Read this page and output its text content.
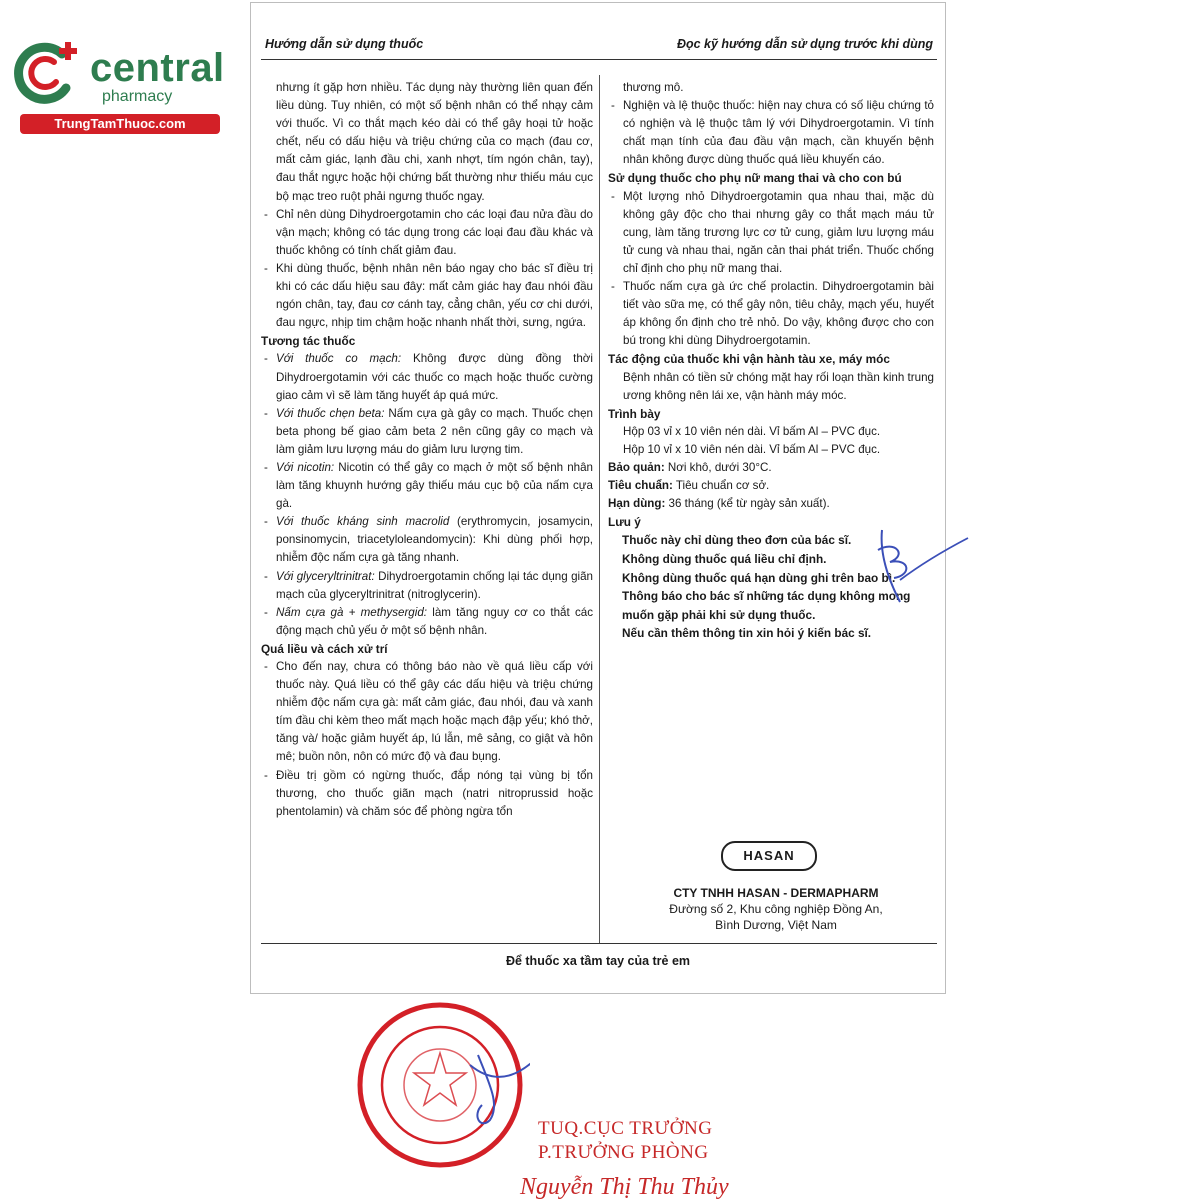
central
pharmacy
TrungTamThuoc.com
Hướng dẫn sử dụng thuốc	Đọc kỹ hướng dẫn sử dụng trước khi dùng

nhưng ít gặp hơn nhiều. Tác dụng này thường liên quan đến liều dùng. Tuy nhiên, có một số bệnh nhân có thể nhạy cảm với thuốc. Vì co thắt mạch kéo dài có thể gây hoại tử hoặc chết, nếu có dấu hiệu và triệu chứng của co mạch (đau cơ, mất cảm giác, lạnh đầu chi, xanh nhợt, tím ngón chân, tay), đau thắt ngực hoặc hội chứng bất thường như thiếu máu cục bộ mạc treo ruột phải ngưng thuốc ngay.

- Chỉ nên dùng Dihydroergotamin cho các loại đau nửa đầu do vận mạch; không có tác dụng trong các loại đau đầu khác và thuốc không có tính chất giảm đau.

- Khi dùng thuốc, bệnh nhân nên báo ngay cho bác sĩ điều trị khi có các dấu hiệu sau đây: mất cảm giác hay đau nhói đầu ngón chân, tay, đau cơ cánh tay, cẳng chân, yếu cơ chi dưới, đau ngực, nhịp tim chậm hoặc nhanh nhất thời, sưng, ngứa.

Tương tác thuốc

- Với thuốc co mạch: Không được dùng đồng thời Dihydroergotamin với các thuốc co mạch hoặc thuốc cường giao cảm vì sẽ làm tăng huyết áp quá mức.

- Với thuốc chẹn beta: Nấm cựa gà gây co mạch. Thuốc chẹn beta phong bế giao cảm beta 2 nên cũng gây co mạch và làm giảm lưu lượng máu do giảm lưu lượng tim.

- Với nicotin: Nicotin có thể gây co mạch ở một số bệnh nhân làm tăng khuynh hướng gây thiếu máu cục bộ của nấm cựa gà.

- Với thuốc kháng sinh macrolid (erythromycin, josamycin, ponsinomycin, triacetyloleandomycin): Khi dùng phối hợp, nhiễm độc nấm cựa gà tăng nhanh.

- Với glyceryltrinitrat: Dihydroergotamin chống lại tác dụng giãn mạch của glyceryltrinitrat (nitroglycerin).

- Nấm cựa gà + methysergid: làm tăng nguy cơ co thắt các động mạch chủ yếu ở một số bệnh nhân.

Quá liều và cách xử trí

- Cho đến nay, chưa có thông báo nào về quá liều cấp với thuốc này. Quá liều có thể gây các dấu hiệu và triệu chứng nhiễm độc nấm cựa gà: mất cảm giác, đau nhói, đau và xanh tím đầu chi kèm theo mất mạch hoặc mạch đập yếu; khó thở, tăng và/ hoặc giảm huyết áp, lú lẫn, mê sảng, co giật và hôn mê; buồn nôn, nôn có mức độ và đau bụng.

- Điều trị gồm có ngừng thuốc, đắp nóng tại vùng bị tổn thương, cho thuốc giãn mạch (natri nitroprussid hoặc phentolamin) và chăm sóc để phòng ngừa tổn

thương mô.

- Nghiện và lệ thuộc thuốc: hiện nay chưa có số liệu chứng tỏ có nghiện và lệ thuộc tâm lý với Dihydroergotamin. Vì tính chất mạn tính của đau đầu vận mạch, cần khuyến bệnh nhân không được dùng thuốc quá liều khuyến cáo.

Sử dụng thuốc cho phụ nữ mang thai và cho con bú

- Một lượng nhỏ Dihydroergotamin qua nhau thai, mặc dù không gây độc cho thai nhưng gây co thắt mạch máu tử cung, làm tăng trương lực cơ tử cung, giảm lưu lượng máu tử cung và nhau thai, ngăn cản thai phát triển. Thuốc chống chỉ định cho phụ nữ mang thai.

- Thuốc nấm cựa gà ức chế prolactin. Dihydroergotamin bài tiết vào sữa mẹ, có thể gây nôn, tiêu chảy, mạch yếu, huyết áp không ổn định cho trẻ nhỏ. Do vậy, không được cho con bú trong khi dùng Dihydroergotamin.

Tác động của thuốc khi vận hành tàu xe, máy móc

Bệnh nhân có tiền sử chóng mặt hay rối loạn thần kinh trung ương không nên lái xe, vận hành máy móc.

Trình bày

Hộp 03 vỉ x 10 viên nén dài. Vỉ bấm Al – PVC đục.

Hộp 10 vỉ x 10 viên nén dài. Vỉ bấm Al – PVC đục.

Bảo quản: Nơi khô, dưới 30°C.

Tiêu chuẩn: Tiêu chuẩn cơ sở.

Hạn dùng: 36 tháng (kể từ ngày sản xuất).

Lưu ý
Thuốc này chỉ dùng theo đơn của bác sĩ.
Không dùng thuốc quá liều chỉ định.
Không dùng thuốc quá hạn dùng ghi trên bao bì.
Thông báo cho bác sĩ những tác dụng không mong muốn gặp phải khi sử dụng thuốc.
Nếu cần thêm thông tin xin hỏi ý kiến bác sĩ.
HASAN
CTY TNHH HASAN - DERMAPHARM
Đường số 2, Khu công nghiệp Đồng An,
Bình Dương, Việt Nam
Để thuốc xa tầm tay của trẻ em
TUQ.CỤC TRƯỞNG
P.TRƯỞNG PHÒNG
Nguyễn Thị Thu Thủy
